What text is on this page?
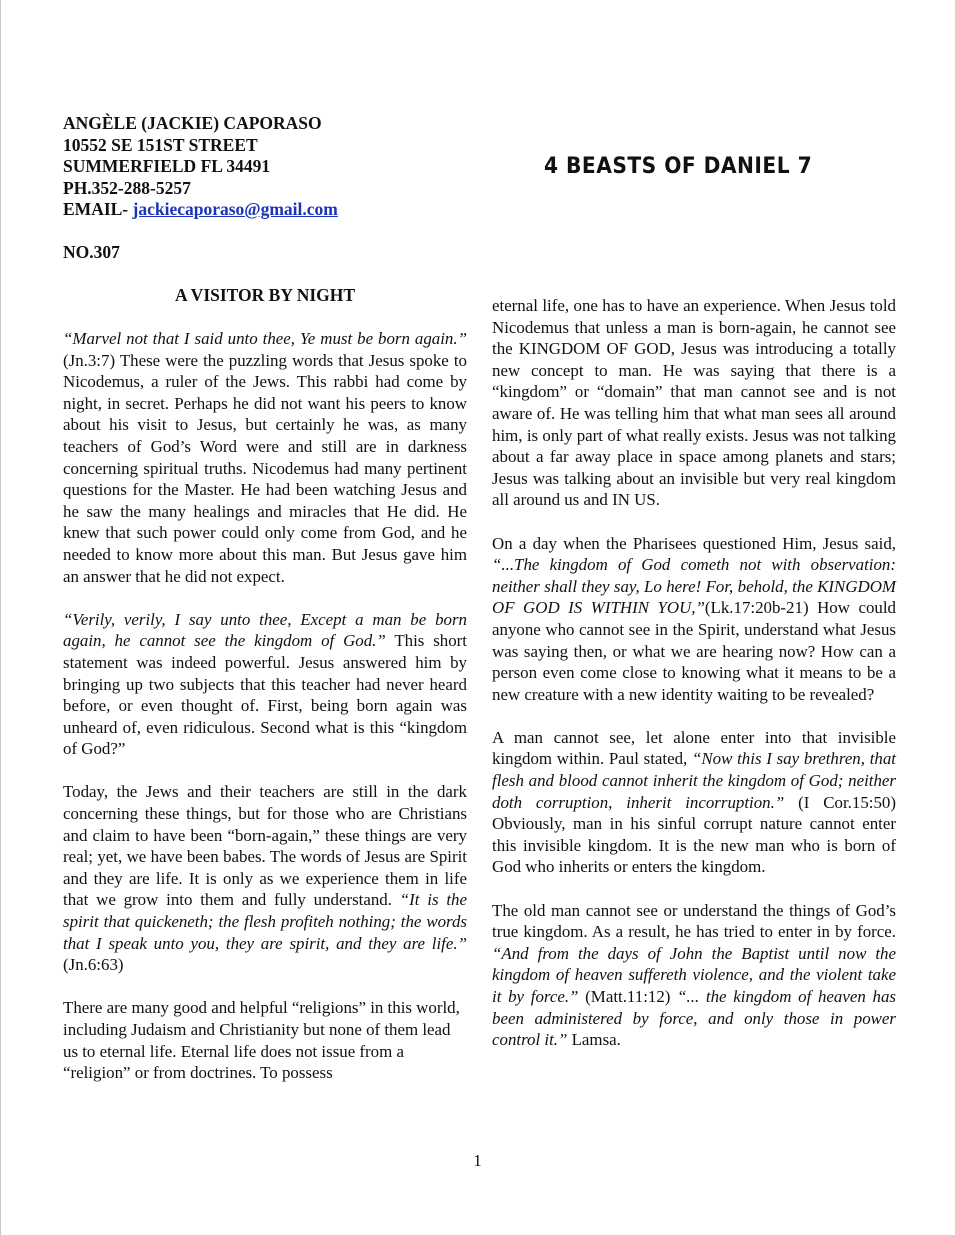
ANGÈLE (JACKIE) CAPORASO
10552 SE 151ST STREET
SUMMERFIELD FL 34491
PH.352-288-5257
EMAIL- jackiecaporaso@gmail.com
NO.307
4 BEASTS OF DANIEL 7
A VISITOR BY NIGHT

“Marvel not that I said unto thee, Ye must be born again.” (Jn.3:7) These were the puzzling words that Jesus spoke to Nicodemus, a ruler of the Jews. This rabbi had come by night, in secret. Perhaps he did not want his peers to know about his visit to Jesus, but certainly he was, as many teachers of God’s Word were and still are in darkness concerning spiritual truths. Nicodemus had many pertinent questions for the Master. He had been watching Jesus and he saw the many healings and miracles that He did. He knew that such power could only come from God, and he needed to know more about this man. But Jesus gave him an answer that he did not expect.

“Verily, verily, I say unto thee, Except a man be born again, he cannot see the kingdom of God.” This short statement was indeed powerful. Jesus answered him by bringing up two subjects that this teacher had never heard before, or even thought of. First, being born again was unheard of, even ridiculous. Second what is this “kingdom of God?”

Today, the Jews and their teachers are still in the dark concerning these things, but for those who are Christians and claim to have been “born-again,” these things are very real; yet, we have been babes. The words of Jesus are Spirit and they are life. It is only as we experience them in life that we grow into them and fully understand. “It is the spirit that quickeneth; the flesh profiteh nothing; the words that I speak unto you, they are spirit, and they are life.” (Jn.6:63)

There are many good and helpful “religions” in this world, including Judaism and Christianity but none of them lead us to eternal life. Eternal life does not issue from a “religion” or from doctrines. To possess

eternal life, one has to have an experience. When Jesus told Nicodemus that unless a man is born-again, he cannot see the KINGDOM OF GOD, Jesus was introducing a totally new concept to man. He was saying that there is a “kingdom” or “domain” that man cannot see and is not aware of. He was telling him that what man sees all around him, is only part of what really exists. Jesus was not talking about a far away place in space among planets and stars; Jesus was talking about an invisible but very real kingdom all around us and IN US.

On a day when the Pharisees questioned Him, Jesus said, “...The kingdom of God cometh not with observation: neither shall they say, Lo here! For, behold, the KINGDOM OF GOD IS WITHIN YOU,”(Lk.17:20b-21) How could anyone who cannot see in the Spirit, understand what Jesus was saying then, or what we are hearing now? How can a person even come close to knowing what it means to be a new creature with a new identity waiting to be revealed?

A man cannot see, let alone enter into that invisible kingdom within. Paul stated, “Now this I say brethren, that flesh and blood cannot inherit the kingdom of God; neither doth corruption, inherit incorruption.” (I Cor.15:50) Obviously, man in his sinful corrupt nature cannot enter this invisible kingdom. It is the new man who is born of God who inherits or enters the kingdom.

The old man cannot see or understand the things of God’s true kingdom. As a result, he has tried to enter in by force. “And from the days of John the Baptist until now the kingdom of heaven suffereth violence, and the violent take it by force.” (Matt.11:12) “... the kingdom of heaven has been administered by force, and only those in power control it.” Lamsa.

1
